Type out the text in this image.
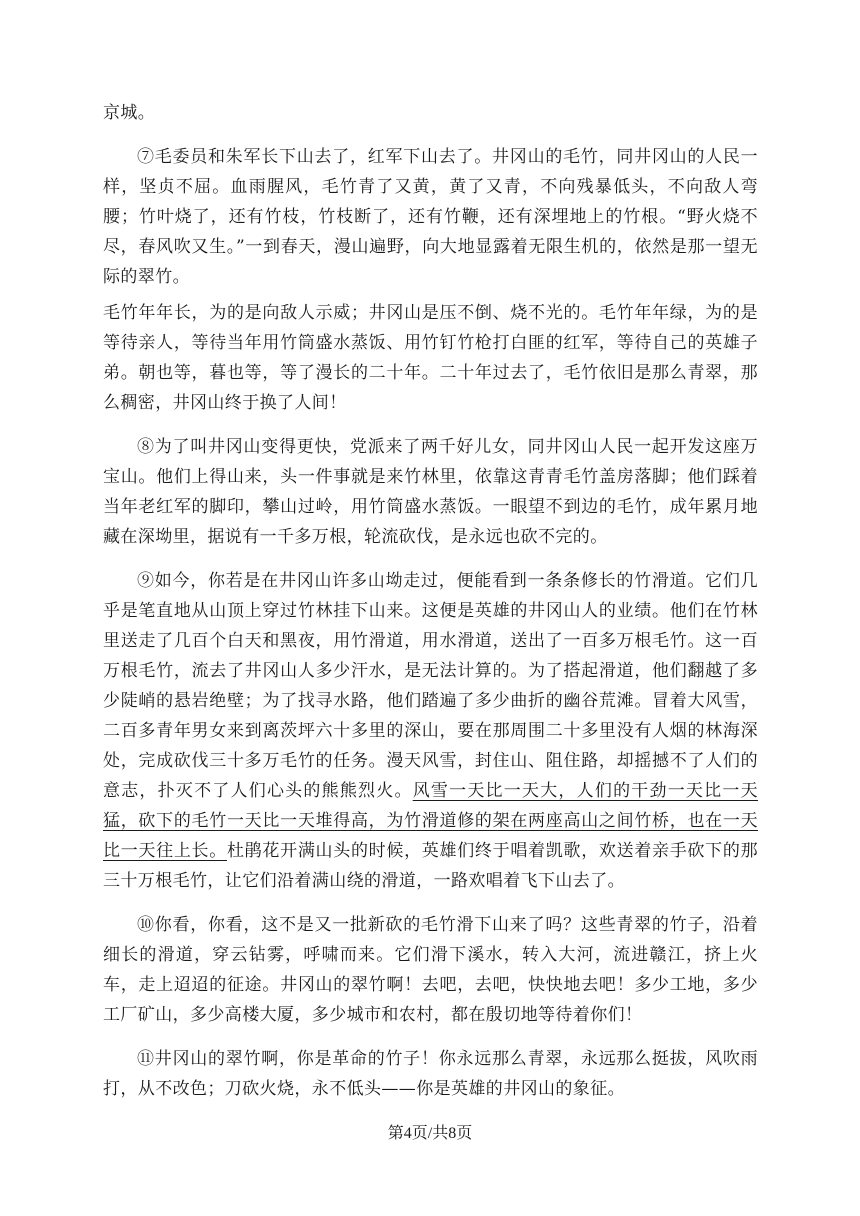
京城。

⑦毛委员和朱军长下山去了，红军下山去了。井冈山的毛竹，同井冈山的人民一样，坚贞不屈。血雨腥风，毛竹青了又黄，黄了又青，不向残暴低头，不向敌人弯腰；竹叶烧了，还有竹枝，竹枝断了，还有竹鞭，还有深埋地上的竹根。“野火烧不尽，春风吹又生。”一到春天，漫山遍野，向大地显露着无限生机的，依然是那一望无际的翠竹。

毛竹年年长，为的是向敌人示威；井冈山是压不倒、烧不光的。毛竹年年绿，为的是等待亲人，等待当年用竹筒盛水蒸饭、用竹钉竹枪打白匪的红军，等待自己的英雄子弟。朝也等，暮也等，等了漫长的二十年。二十年过去了，毛竹依旧是那么青翠，那么稠密，井冈山终于换了人间！

⑧为了叫井冈山变得更快，党派来了两千好儿女，同井冈山人民一起开发这座万宝山。他们上得山来，头一件事就是来竹林里，依靠这青青毛竹盖房落脚；他们踩着当年老红军的脚印，攀山过岭，用竹筒盛水蒸饭。一眼望不到边的毛竹，成年累月地藏在深坳里，据说有一千多万根，轮流砍伐，是永远也砍不完的。

⑨如今，你若是在井冈山许多山坳走过，便能看到一条条修长的竹滑道。它们几乎是笔直地从山顶上穿过竹林挂下山来。这便是英雄的井冈山人的业绩。他们在竹林里送走了几百个白天和黑夜，用竹滑道，用水滑道，送出了一百多万根毛竹。这一百万根毛竹，流去了井冈山人多少汗水，是无法计算的。为了搭起滑道，他们翻越了多少陡峭的悬岩绝壁；为了找寻水路，他们踏遍了多少曲折的幽谷荒滩。冒着大风雪，二百多青年男女来到离茨坪六十多里的深山，要在那周围二十多里没有人烟的林海深处，完成砍伐三十多万毛竹的任务。漫天风雪，封住山、阻住路，却摇撼不了人们的意志，扑灭不了人们心头的熊熊烈火。风雪一天比一天大，人们的干劲一天比一天猛，砍下的毛竹一天比一天堆得高，为竹滑道修的架在两座高山之间竹桥，也在一天比一天往上长。杜鹃花开满山头的时候，英雄们终于唱着凯歌，欢送着亲手砍下的那三十万根毛竹，让它们沿着满山绕的滑道，一路欢唱着飞下山去了。

⑩你看，你看，这不是又一批新砍的毛竹滑下山来了吗？这些青翠的竹子，沿着细长的滑道，穿云钻雾，呼啸而来。它们滑下溪水，转入大河，流进赣江，挤上火车，走上迢迢的征途。井冈山的翠竹啊！去吧，去吧，快快地去吧！多少工地，多少工厂矿山，多少高楼大厦，多少城市和农村，都在殷切地等待着你们！

⑪井冈山的翠竹啊，你是革命的竹子！你永远那么青翠，永远那么挺拔，风吹雨打，从不改色；刀砍火烧，永不低头——你是英雄的井冈山的象征。

第4页/共8页
